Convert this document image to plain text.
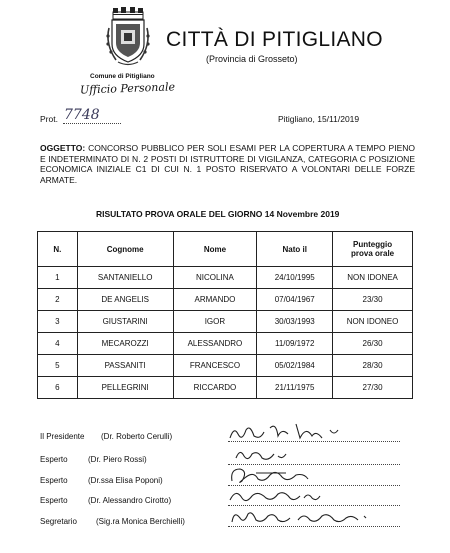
CITTÀ DI PITIGLIANO
(Provincia di Grosseto)
Comune di Pitigliano
Ufficio Personale
Prot. 7748	Pitigliano, 15/11/2019
OGGETTO: CONCORSO PUBBLICO PER SOLI ESAMI PER LA COPERTURA A TEMPO PIENO E INDETERMINATO DI N. 2 POSTI DI ISTRUTTORE DI VIGILANZA, CATEGORIA C POSIZIONE ECONOMICA INIZIALE C1 DI CUI N. 1 POSTO RISERVATO A VOLONTARI DELLE FORZE ARMATE.
RISULTATO PROVA ORALE DEL GIORNO 14 Novembre 2019
N.	Cognome	Nome	Nato il	Punteggio prova orale
1	SANTANIELLO	NICOLINA	24/10/1995	NON IDONEA
2	DE ANGELIS	ARMANDO	07/04/1967	23/30
3	GIUSTARINI	IGOR	30/03/1993	NON IDONEO
4	MECAROZZI	ALESSANDRO	11/09/1972	26/30
5	PASSANITI	FRANCESCO	05/02/1984	28/30
6	PELLEGRINI	RICCARDO	21/11/1975	27/30
Il Presidente (Dr. Roberto Cerulli)
Esperto	(Dr. Piero Rossi)
Esperto	(Dr.ssa Elisa Poponi)
Esperto	(Dr. Alessandro Cirotto)
Segretario (Sig.ra Monica Berchielli)
